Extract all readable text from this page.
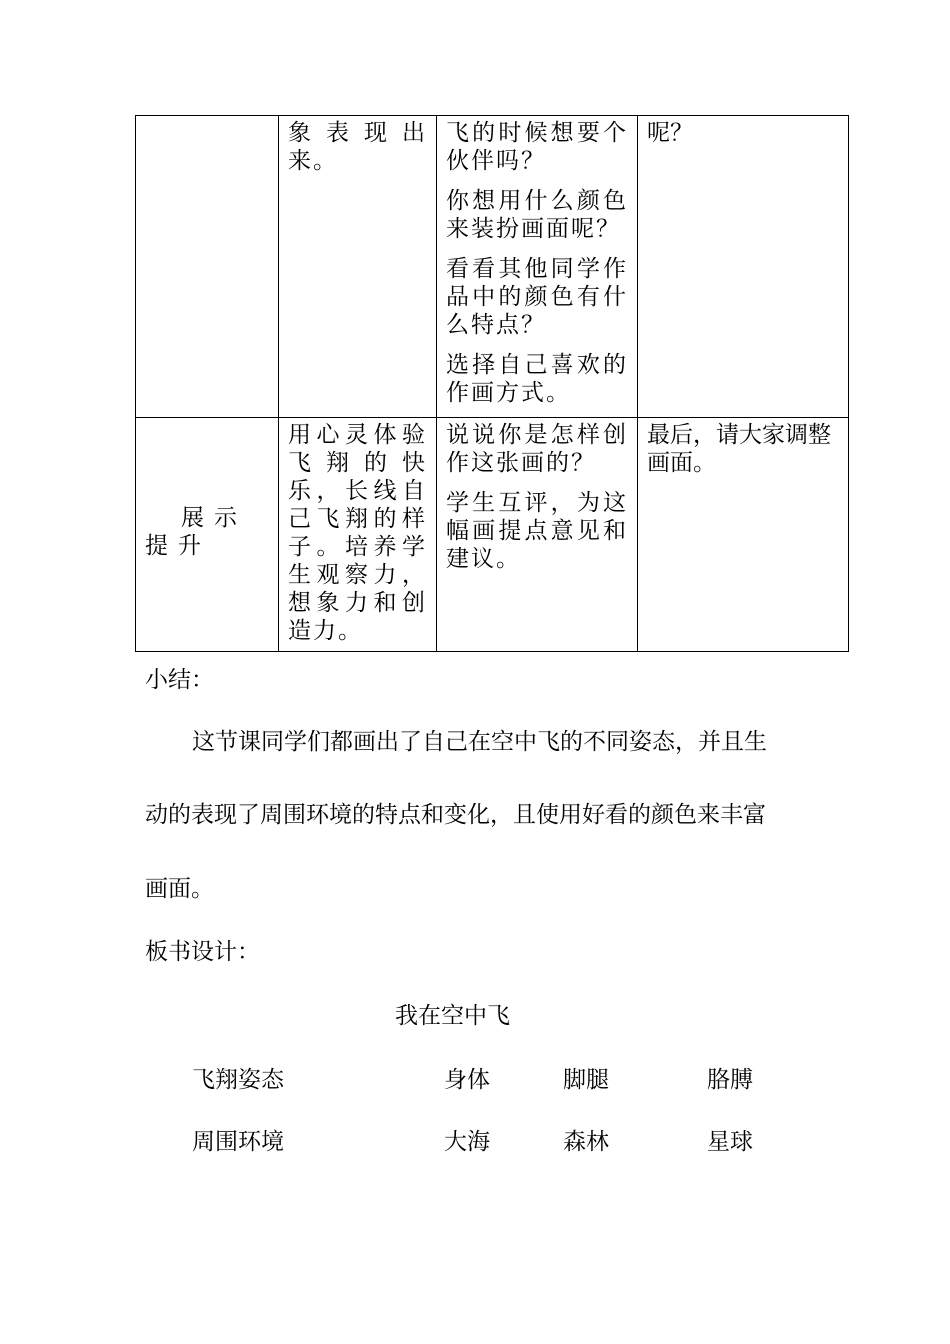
	象表现出来。	飞的时候想要个伙伴吗？

你想用什么颜色来装扮画面呢？

看看其他同学作品中的颜色有什么特点？

选择自己喜欢的作画方式。	呢？

展示提升	用心灵体验飞翔的快乐，长线自己飞翔的样子。培养学生观察力，想象力和创造力。	说说你是怎样创作这张画的？

学生互评，为这幅画提点意见和建议。	最后，请大家调整画面。
小结：
这节课同学们都画出了自己在空中飞的不同姿态，并且生
动的表现了周围环境的特点和变化，且使用好看的颜色来丰富
画面。
板书设计：
我在空中飞
飞翔姿态	身体	脚腿	胳膊
周围环境	大海	森林	星球
